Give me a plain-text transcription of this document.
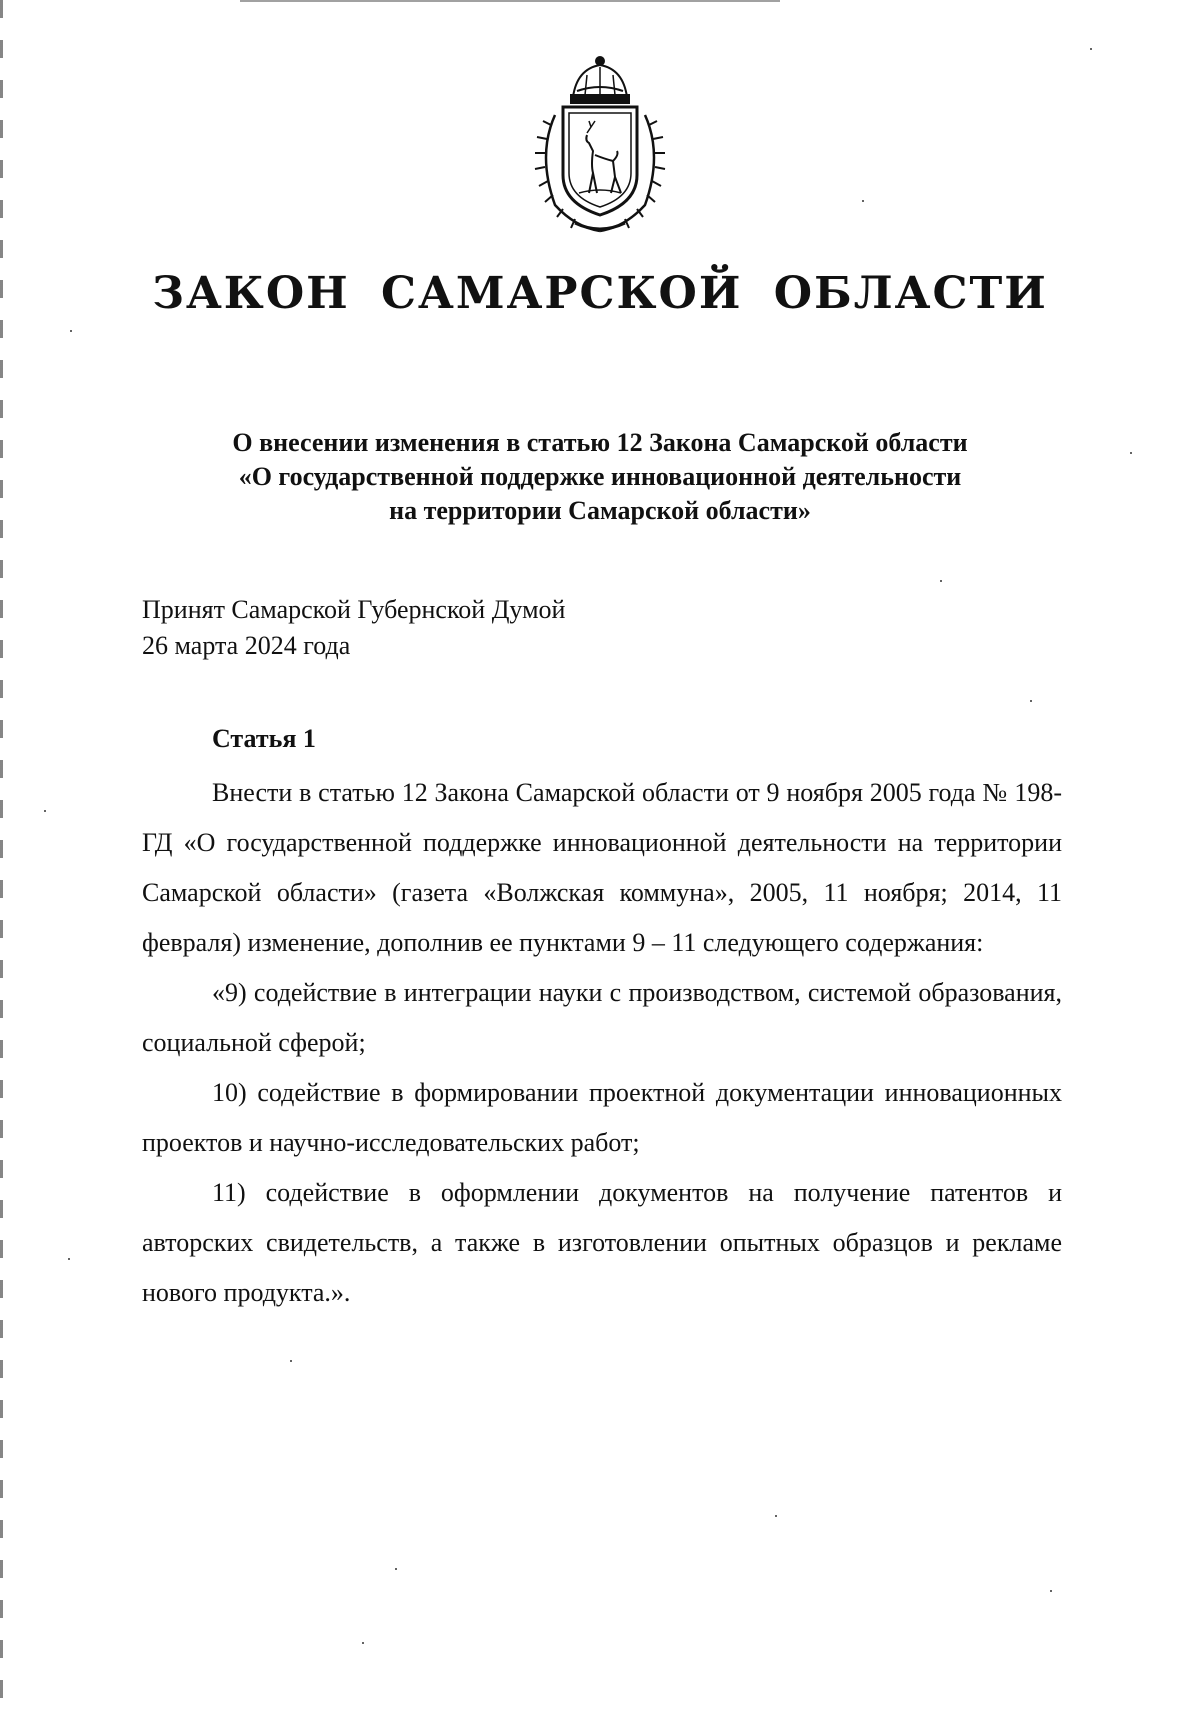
ЗАКОН САМАРСКОЙ ОБЛАСТИ
О внесении изменения в статью 12 Закона Самарской области
«О государственной поддержке инновационной деятельности
на территории Самарской области»
Принят Самарской Губернской Думой
26 марта 2024 года
Статья 1

Внести в статью 12 Закона Самарской области от 9 ноября 2005 года № 198-ГД «О государственной поддержке инновационной деятельности на территории Самарской области» (газета «Волжская коммуна», 2005, 11 ноября; 2014, 11 февраля) изменение, дополнив ее пунктами 9 – 11 следующего содержания:

«9) содействие в интеграции науки с производством, системой образования, социальной сферой;

10) содействие в формировании проектной документации инновационных проектов и научно-исследовательских работ;

11) содействие в оформлении документов на получение патентов и авторских свидетельств, а также в изготовлении опытных образцов и рекламе нового продукта.».
